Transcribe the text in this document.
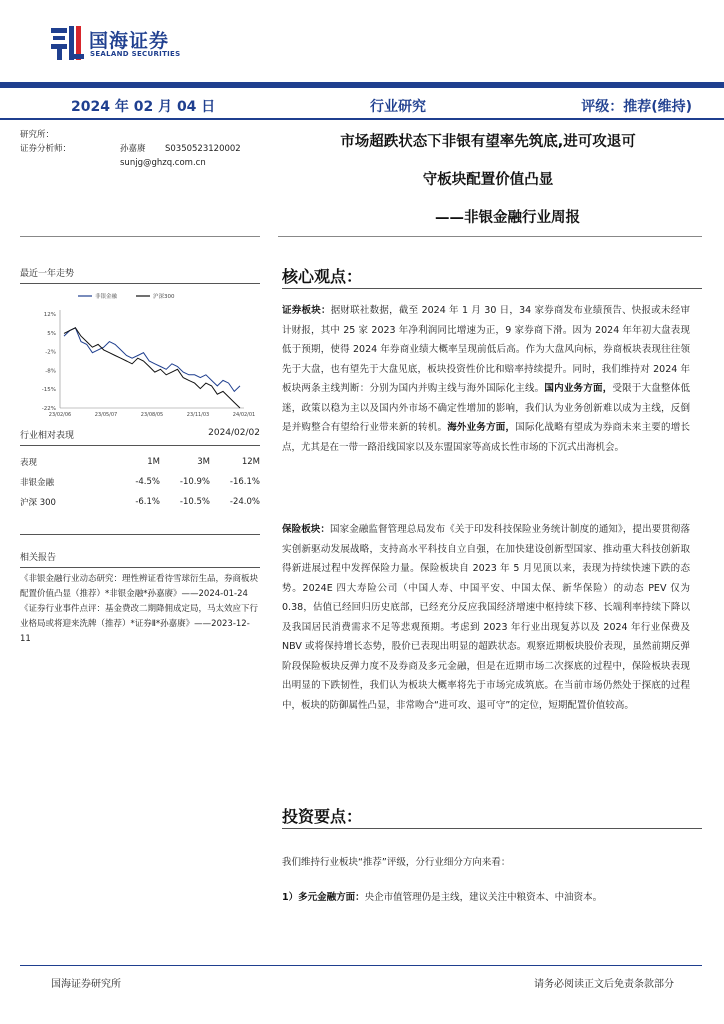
国海证券
SEALAND SECURITIES
2024 年 02 月 04 日	行业研究	评级：推荐(维持)
研究所：
证券分析师：	孙嘉赓 S0350523120002
sunjg@ghzq.com.cn
市场超跌状态下非银有望率先筑底,进可攻退可
守板块配置价值凸显
——非银金融行业周报
最近一年走势
12%
5%
-2%
-8%
-15%
-22%
23/02/06	23/05/07	23/08/05	23/11/03	24/02/01
非银金融	沪深300
行业相对表现	2024/02/02
表现	1M	3M	12M
非银金融	-4.5%	-10.9%	-16.1%
沪深 300	-6.1%	-10.5%	-24.0%
相关报告

《非银金融行业动态研究：理性辨证看待雪球衍生品，券商板块配置价值凸显（推荐）*非银金融*孙嘉赓》——2024-01-24

《证券行业事件点评：基金费改二期降佣成定局，马太效应下行业格局或将迎来洗牌（推荐）*证券Ⅱ*孙嘉赓》——2023-12-11

核心观点：
证券板块：据财联社数据，截至 2024 年 1 月 30 日，34 家券商发布业绩预告、快报或未经审计财报，其中 25 家 2023 年净利润同比增速为正，9 家券商下滑。因为 2024 年年初大盘表现低于预期，使得 2024 年券商业绩大概率呈现前低后高。作为大盘风向标，券商板块表现往往领先于大盘，也有望先于大盘见底，板块投资性价比和赔率持续提升。同时，我们维持对 2024 年板块两条主线判断：分别为国内并购主线与海外国际化主线。国内业务方面，受限于大盘整体低迷，政策以稳为主以及国内外市场不确定性增加的影响，我们认为业务创新难以成为主线，反倒是并购整合有望给行业带来新的转机。海外业务方面，国际化战略有望成为券商未来主要的增长点，尤其是在一带一路沿线国家以及东盟国家等高成长性市场的下沉式出海机会。
保险板块：国家金融监督管理总局发布《关于印发科技保险业务统计制度的通知》，提出要贯彻落实创新驱动发展战略，支持高水平科技自立自强，在加快建设创新型国家、推动重大科技创新取得新进展过程中发挥保险力量。保险板块自 2023 年 5 月见顶以来，表现为持续快速下跌的态势。2024E 四大寿险公司（中国人寿、中国平安、中国太保、新华保险）的动态 PEV 仅为 0.38，估值已经回归历史底部，已经充分反应我国经济增速中枢持续下移、长端利率持续下降以及我国居民消费需求不足等悲观预期。考虑到 2023 年行业出现复苏以及 2024 年行业保费及 NBV 或将保持增长态势，股价已表现出明显的超跌状态。观察近期板块股价表现，虽然前期反弹阶段保险板块反弹力度不及券商及多元金融，但是在近期市场二次探底的过程中，保险板块表现出明显的下跌韧性，我们认为板块大概率将先于市场完成筑底。在当前市场仍然处于探底的过程中，板块的防御属性凸显，非常吻合“进可攻、退可守”的定位，短期配置价值较高。
投资要点：
我们维持行业板块“推荐”评级，分行业细分方向来看：
1）多元金融方面：央企市值管理仍是主线，建议关注中粮资本、中油资本。
国海证券研究所	请务必阅读正文后免责条款部分
